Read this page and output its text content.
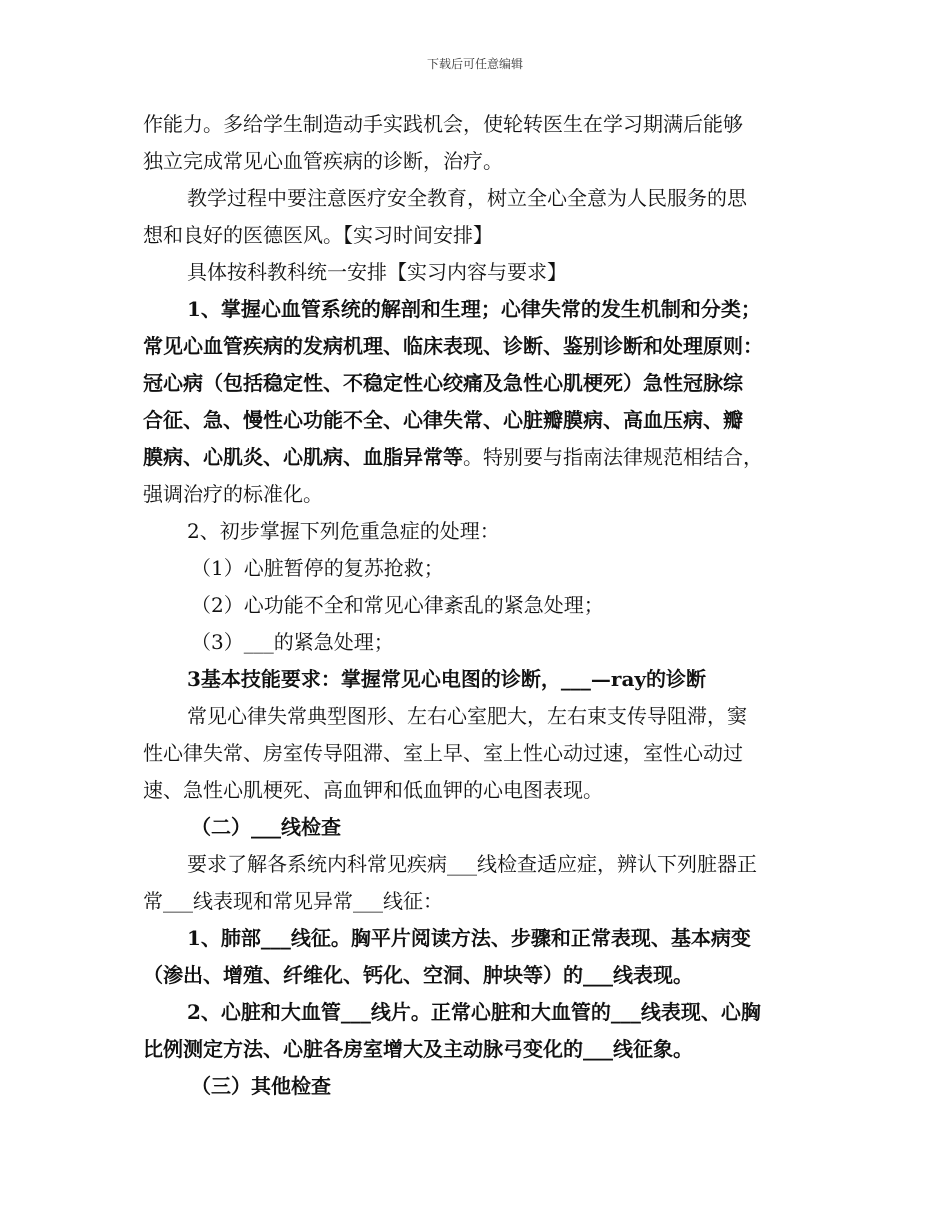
下载后可任意编辑

作能力。多给学生制造动手实践机会，使轮转医生在学习期满后能够

独立完成常见心血管疾病的诊断，治疗。

教学过程中要注意医疗安全教育，树立全心全意为人民服务的思

想和良好的医德医风。【实习时间安排】

具体按科教科统一安排【实习内容与要求】

1、掌握心血管系统的解剖和生理；心律失常的发生机制和分类；

常见心血管疾病的发病机理、临床表现、诊断、鉴别诊断和处理原则：

冠心病（包括稳定性、不稳定性心绞痛及急性心肌梗死）急性冠脉综

合征、急、慢性心功能不全、心律失常、心脏瓣膜病、高血压病、瓣

膜病、心肌炎、心肌病、血脂异常等。特别要与指南法律规范相结合，

强调治疗的标准化。

2、初步掌握下列危重急症的处理：

（1）心脏暂停的复苏抢救；

（2）心功能不全和常见心律紊乱的紧急处理；

（3）___的紧急处理；

3基本技能要求：掌握常见心电图的诊断，___—ray的诊断

常见心律失常典型图形、左右心室肥大，左右束支传导阻滞，窦

性心律失常、房室传导阻滞、室上早、室上性心动过速，室性心动过

速、急性心肌梗死、高血钾和低血钾的心电图表现。

（二）___线检查

要求了解各系统内科常见疾病___线检查适应症，辨认下列脏器正

常___线表现和常见异常___线征：

1、肺部___线征。胸平片阅读方法、步骤和正常表现、基本病变

（渗出、增殖、纤维化、钙化、空洞、肿块等）的___线表现。

2、心脏和大血管___线片。正常心脏和大血管的___线表现、心胸

比例测定方法、心脏各房室增大及主动脉弓变化的___线征象。

（三）其他检查
